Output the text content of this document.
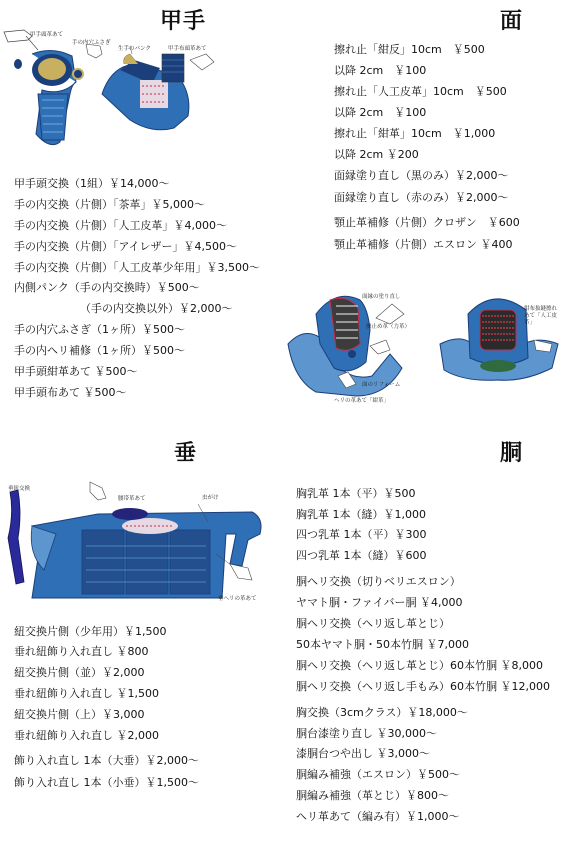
甲手
甲手頭革あて
手の内穴ふさぎ
生手のパンク	甲手布頭革あて
甲手頭交換（1組）￥14,000～
手の内交換（片側）「茶革」￥5,000～
手の内交換（片側）「人工皮革」￥4,000～
手の内交換（片側）「アイレザー」￥4,500～
手の内交換（片側）「人工皮革少年用」￥3,500～
内側パンク（手の内交換時）￥500～
（手の内交換以外）￥2,000～
手の内穴ふさぎ（1ヶ所）￥500～
手の内ヘリ補修（1ヶ所）￥500～
甲手頭紺革あて ￥500～
甲手頭布あて ￥500～
面
擦れ止「紺反」10cm　￥500
以降 2cm　￥100
擦れ止「人工皮革」10cm　￥500
以降 2cm　￥100
擦れ止「紺革」10cm　￥1,000
以降 2cm ￥200
面縁塗り直し（黒のみ）￥2,000～
面縁塗り直し（赤のみ）￥2,000～
顎止革補修（片側）クロザン　￥600
顎止革補修（片側）エスロン ￥400
面縁の塗り直し
擦止め革（力革）
面のリフォーム
ヘリの革あて「紺革」
紺布抜縫擦れあて「人工皮革」
垂
垂紐交換
腰帯革あて	虫がけ
垂ヘリの革あて
紐交換片側（少年用）￥1,500
垂れ紐飾り入れ直し ￥800
紐交換片側（並）￥2,000
垂れ紐飾り入れ直し ￥1,500
紐交換片側（上）￥3,000
垂れ紐飾り入れ直し ￥2,000
飾り入れ直し 1本（大垂）￥2,000～
飾り入れ直し 1本（小垂）￥1,500～
胴
胸乳革 1本（平）￥500
胸乳革 1本（縫）￥1,000
四つ乳革 1本（平）￥300
四つ乳革 1本（縫）￥600
胴ヘリ交換（切りベリエスロン）
ヤマト胴・ファイバー胴 ￥4,000
胴ヘリ交換（ヘリ返し革とじ）
50本ヤマト胴・50本竹胴 ￥7,000
胴ヘリ交換（ヘリ返し革とじ）60本竹胴 ￥8,000
胴ヘリ交換（ヘリ返し手もみ）60本竹胴 ￥12,000
胸交換（3cmクラス）￥18,000～
胴台漆塗り直し ￥30,000～
漆胴台つや出し ￥3,000～
胴編み補強（エスロン）￥500～
胴編み補強（革とじ）￥800～
ヘリ革あて（編み有）￥1,000～
